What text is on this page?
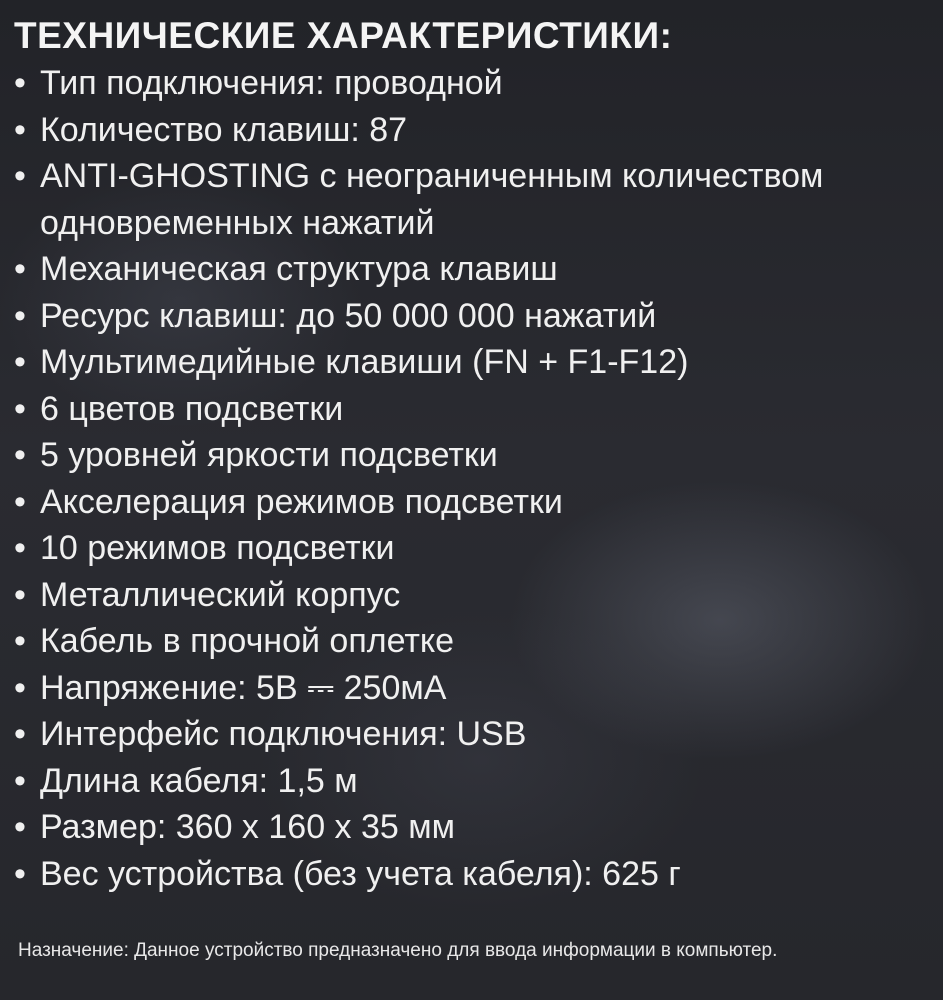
ТЕХНИЧЕСКИЕ ХАРАКТЕРИСТИКИ:
• Тип подключения: проводной
• Количество клавиш: 87
• ANTI-GHOSTING с неограниченным количеством одновременных нажатий
• Механическая структура клавиш
• Ресурс клавиш: до 50 000 000 нажатий
• Мультимедийные клавиши (FN + F1-F12)
• 6 цветов подсветки
• 5 уровней яркости подсветки
• Акселерация режимов подсветки
• 10 режимов подсветки
• Металлический корпус
• Кабель в прочной оплетке
• Напряжение: 5В ⎓ 250мА
• Интерфейс подключения: USB
• Длина кабеля: 1,5 м
• Размер: 360 х 160 х 35 мм
• Вес устройства (без учета кабеля): 625 г
Назначение: Данное устройство предназначено для ввода информации в компьютер.
